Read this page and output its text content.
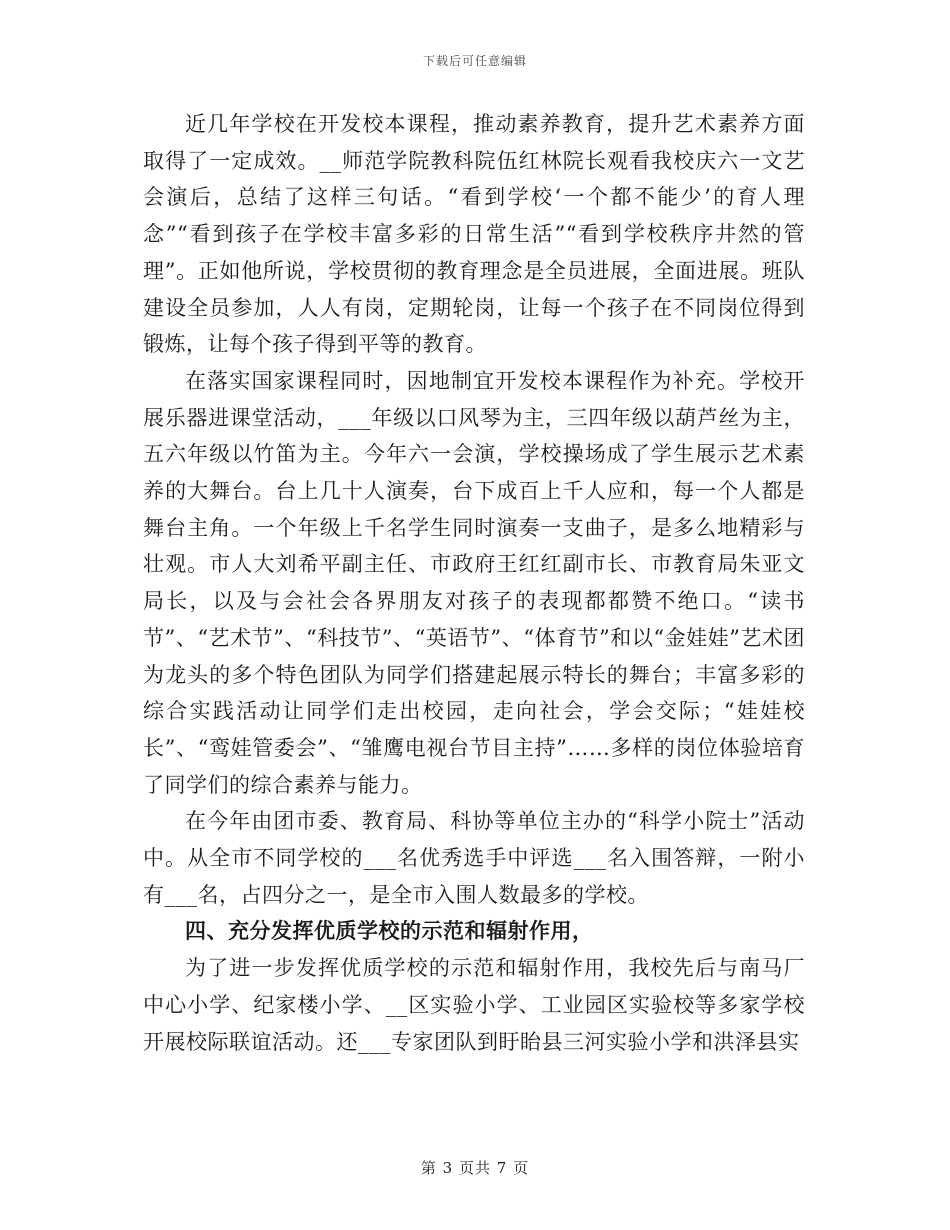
下载后可任意编辑

近几年学校在开发校本课程，推动素养教育，提升艺术素养方面取得了一定成效。__师范学院教科院伍红林院长观看我校庆六一文艺会演后，总结了这样三句话。“看到学校‘一个都不能少’的育人理念”“看到孩子在学校丰富多彩的日常生活”“看到学校秩序井然的管理”。正如他所说，学校贯彻的教育理念是全员进展，全面进展。班队建设全员参加，人人有岗，定期轮岗，让每一个孩子在不同岗位得到锻炼，让每个孩子得到平等的教育。

在落实国家课程同时，因地制宜开发校本课程作为补充。学校开展乐器进课堂活动，___年级以口风琴为主，三四年级以葫芦丝为主，五六年级以竹笛为主。今年六一会演，学校操场成了学生展示艺术素养的大舞台。台上几十人演奏，台下成百上千人应和，每一个人都是舞台主角。一个年级上千名学生同时演奏一支曲子，是多么地精彩与壮观。市人大刘希平副主任、市政府王红红副市长、市教育局朱亚文局长，以及与会社会各界朋友对孩子的表现都都赞不绝口。“读书节”、“艺术节”、“科技节”、“英语节”、“体育节”和以“金娃娃”艺术团为龙头的多个特色团队为同学们搭建起展示特长的舞台；丰富多彩的综合实践活动让同学们走出校园，走向社会，学会交际；“娃娃校长”、“鸾娃管委会”、“雏鹰电视台节目主持”……多样的岗位体验培育了同学们的综合素养与能力。

在今年由团市委、教育局、科协等单位主办的“科学小院士”活动中。从全市不同学校的___名优秀选手中评选___名入围答辩，一附小有___名，占四分之一，是全市入围人数最多的学校。

四、充分发挥优质学校的示范和辐射作用，

为了进一步发挥优质学校的示范和辐射作用，我校先后与南马厂中心小学、纪家楼小学、__区实验小学、工业园区实验校等多家学校开展校际联谊活动。还___专家团队到盱眙县三河实验小学和洪泽县实

第 3 页共 7 页
